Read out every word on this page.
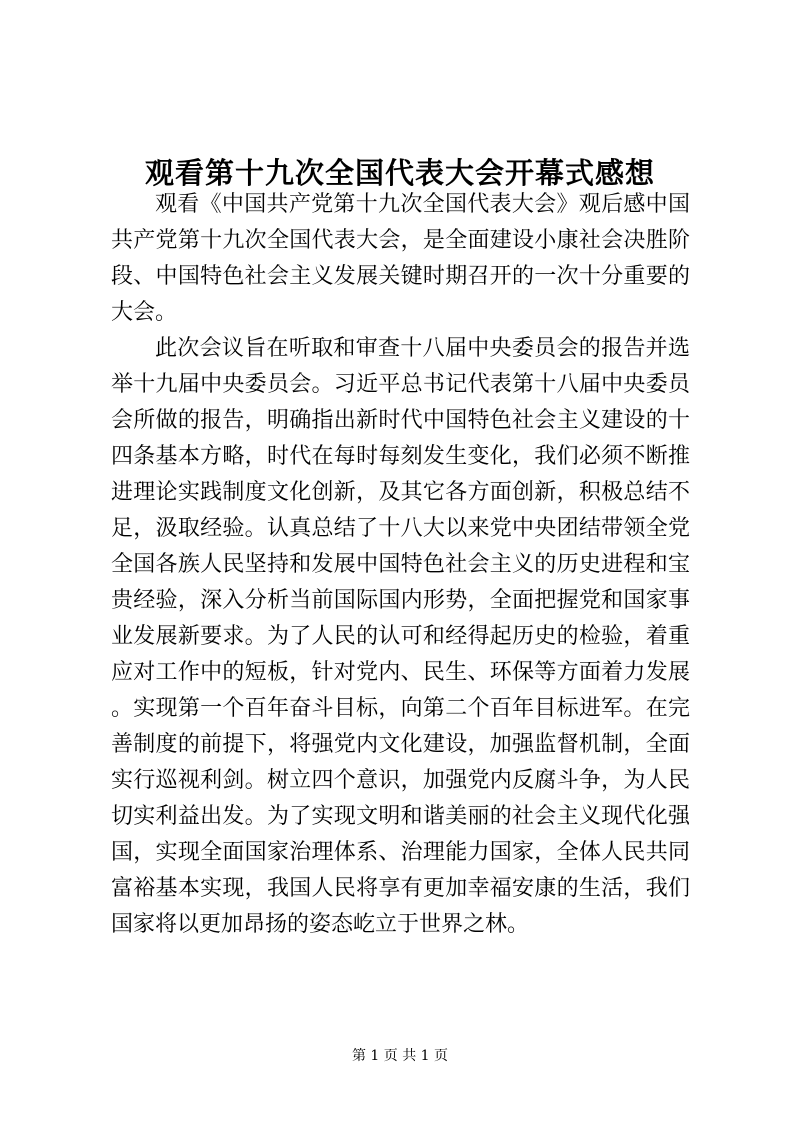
观看第十九次全国代表大会开幕式感想

观看《中国共产党第十九次全国代表大会》观后感中国共产党第十九次全国代表大会，是全面建设小康社会决胜阶段、中国特色社会主义发展关键时期召开的一次十分重要的大会。

此次会议旨在听取和审查十八届中央委员会的报告并选举十九届中央委员会。习近平总书记代表第十八届中央委员会所做的报告，明确指出新时代中国特色社会主义建设的十四条基本方略，时代在每时每刻发生变化，我们必须不断推进理论实践制度文化创新，及其它各方面创新，积极总结不足，汲取经验。认真总结了十八大以来党中央团结带领全党全国各族人民坚持和发展中国特色社会主义的历史进程和宝贵经验，深入分析当前国际国内形势，全面把握党和国家事业发展新要求。为了人民的认可和经得起历史的检验，着重应对工作中的短板，针对党内、民生、环保等方面着力发展。实现第一个百年奋斗目标，向第二个百年目标进军。在完善制度的前提下，将强党内文化建设，加强监督机制，全面实行巡视利剑。树立四个意识，加强党内反腐斗争，为人民切实利益出发。为了实现文明和谐美丽的社会主义现代化强国，实现全面国家治理体系、治理能力国家，全体人民共同富裕基本实现，我国人民将享有更加幸福安康的生活，我们国家将以更加昂扬的姿态屹立于世界之林。

第 1 页 共 1 页
